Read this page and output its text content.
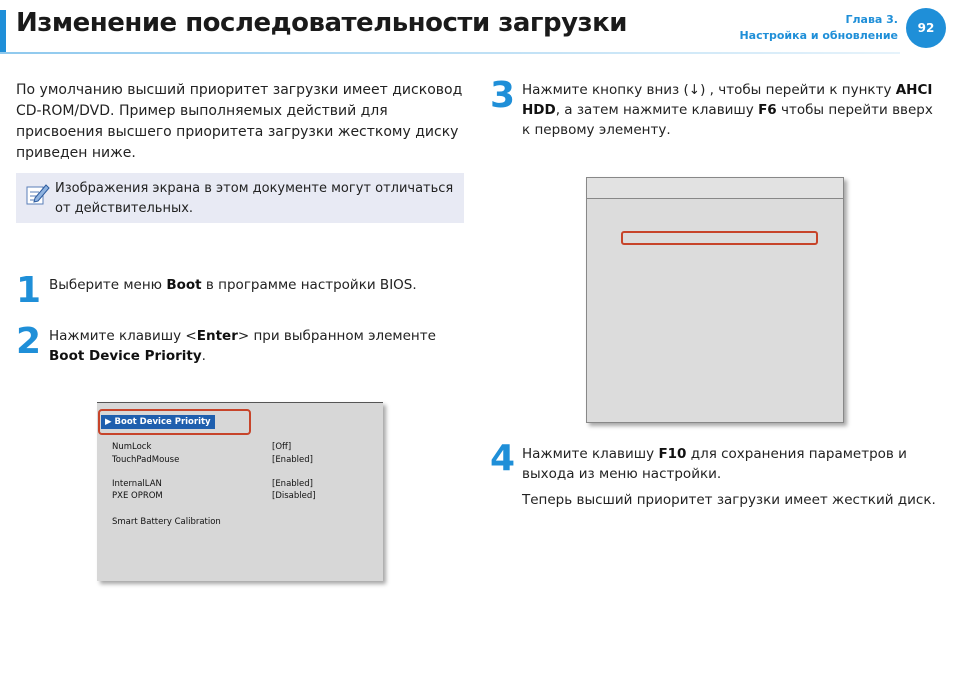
Изменение последовательности загрузки	Глава 3.
Настройка и обновление
92
По умолчанию высший приоритет загрузки имеет дисковод CD-ROM/DVD. Пример выполняемых действий для присвоения высшего приоритета загрузки жесткому диску приведен ниже.
Изображения экрана в этом документе могут отличаться от действительных.
1 Выберите меню Boot в программе настройки BIOS.
2 Нажмите клавишу <Enter> при выбранном элементе Boot Device Priority.
▶ Boot Device Priority
NumLock	[Off]
TouchPadMouse	[Enabled]
InternalLAN	[Enabled]
PXE OPROM	[Disabled]
Smart Battery Calibration
3 Нажмите кнопку вниз (↓) , чтобы перейти к пункту AHCI HDD, а затем нажмите клавишу F6 чтобы перейти вверх к первому элементу.
4 Нажмите клавишу F10 для сохранения параметров и выхода из меню настройки.
Теперь высший приоритет загрузки имеет жесткий диск.
